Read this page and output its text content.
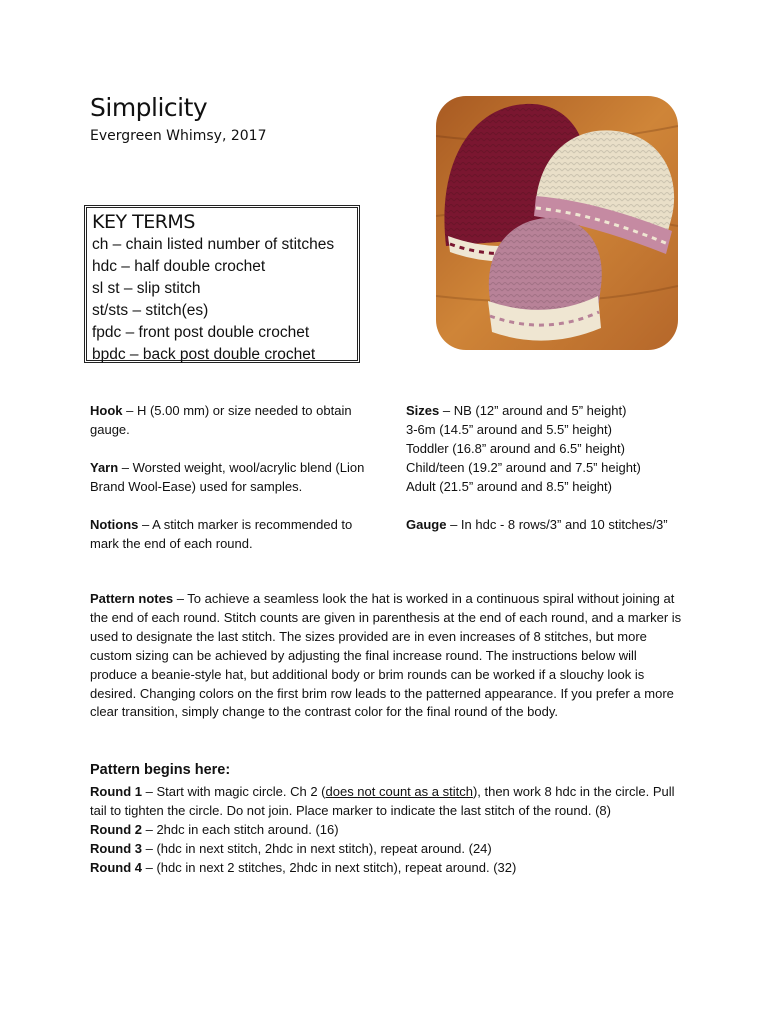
Simplicity
Evergreen Whimsy, 2017
KEY TERMS
ch – chain listed number of stitches
hdc – half double crochet
sl st – slip stitch
st/sts – stitch(es)
fpdc – front post double crochet
bpdc – back post double crochet

Hook – H (5.00 mm) or size needed to obtain gauge.

Yarn – Worsted weight, wool/acrylic blend (Lion Brand Wool-Ease) used for samples.

Notions – A stitch marker is recommended to mark the end of each round.

Sizes – NB (12” around and 5” height)
3-6m (14.5” around and 5.5” height)
Toddler (16.8” around and 6.5” height)
Child/teen (19.2” around and 7.5” height)
Adult (21.5” around and 8.5” height)

Gauge – In hdc - 8 rows/3” and 10 stitches/3”

Pattern notes – To achieve a seamless look the hat is worked in a continuous spiral without joining at the end of each round. Stitch counts are given in parenthesis at the end of each round, and a marker is used to designate the last stitch. The sizes provided are in even increases of 8 stitches, but more custom sizing can be achieved by adjusting the final increase round. The instructions below will produce a beanie-style hat, but additional body or brim rounds can be worked if a slouchy look is desired. Changing colors on the first brim row leads to the patterned appearance. If you prefer a more clear transition, simply change to the contrast color for the final round of the body.

Pattern begins here:

Round 1 – Start with magic circle. Ch 2 (does not count as a stitch), then work 8 hdc in the circle. Pull tail to tighten the circle. Do not join. Place marker to indicate the last stitch of the round. (8)

Round 2 – 2hdc in each stitch around. (16)

Round 3 – (hdc in next stitch, 2hdc in next stitch), repeat around. (24)

Round 4 – (hdc in next 2 stitches, 2hdc in next stitch), repeat around. (32)
